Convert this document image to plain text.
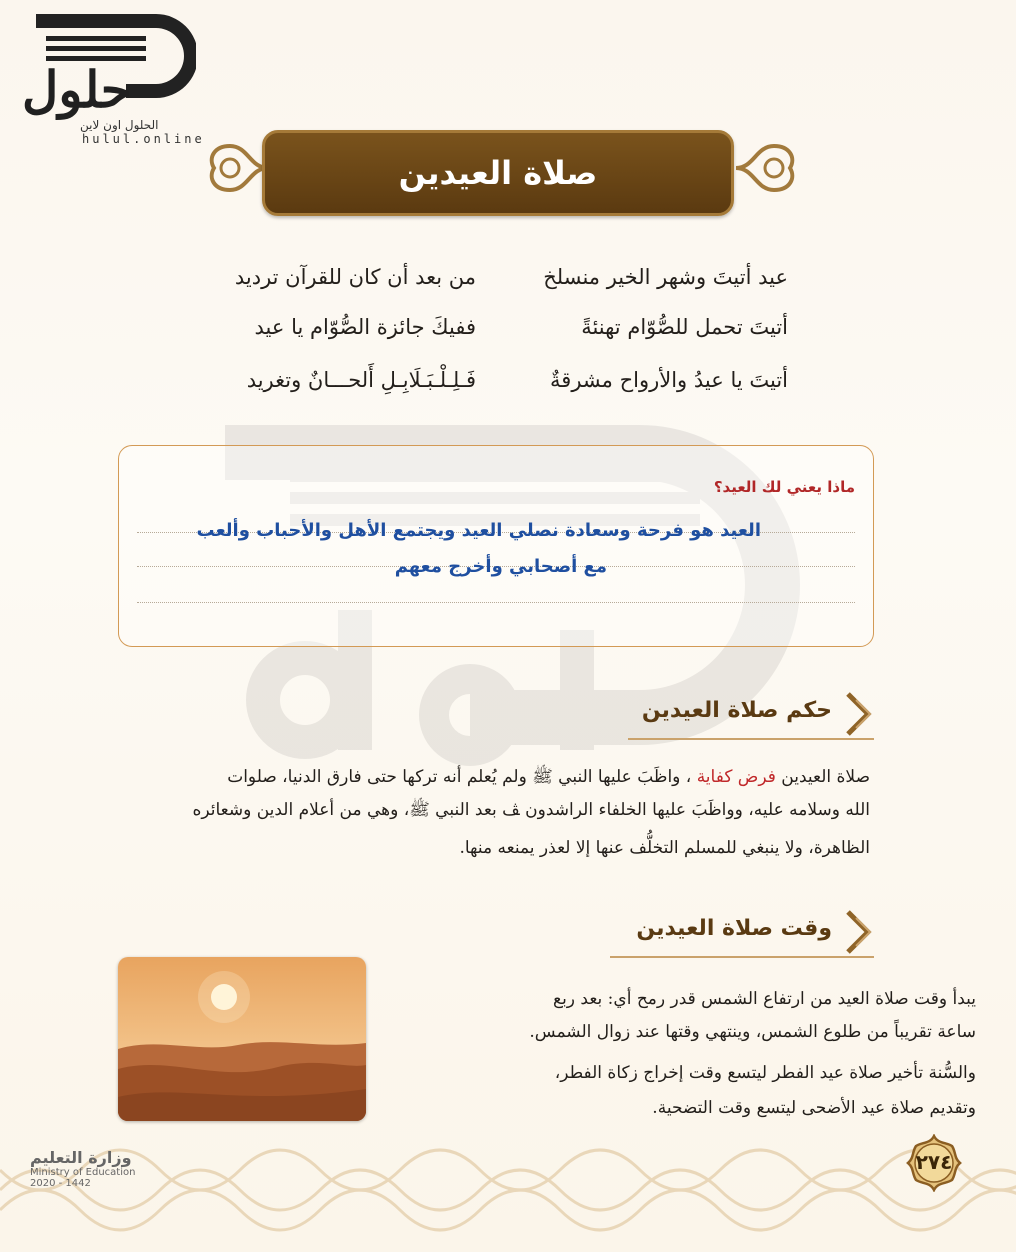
حلول
الحلول اون لاين
hulul.online
صلاة العيدين
عيد أتيتَ وشهر الخير منسلخ
من بعد أن كان للقرآن ترديد
أتيتَ تحمل للصُّوّام تهنئةً
ففيكَ جائزة الصُّوّام يا عيد
أتيتَ يا عيدُ والأرواح مشرقةٌ
فَـلِـلْـبَـلَابِـلِ أَلحـــانٌ وتغريد
ماذا يعني لك العيد؟
العيد هو فرحة وسعادة نصلي العيد ويجتمع الأهل والأحباب وألعب
مع أصحابي وأخرج معهم
حكم صلاة العيدين
صلاة العيدين فرض كفاية ، واظَبَ عليها النبي ﷺ ولم يُعلم أنه تركها حتى فارق الدنيا، صلوات
الله وسلامه عليه، وواظَبَ عليها الخلفاء الراشدون ﭫ بعد النبي ﷺ، وهي من أعلام الدين وشعائره
الظاهرة، ولا ينبغي للمسلم التخلُّف عنها إلا لعذر يمنعه منها.
وقت صلاة العيدين
يبدأ وقت صلاة العيد من ارتفاع الشمس قدر رمح أي: بعد ربع
ساعة تقريباً من طلوع الشمس، وينتهي وقتها عند زوال الشمس.
والسُّنة تأخير صلاة عيد الفطر ليتسع وقت إخراج زكاة الفطر،
وتقديم صلاة عيد الأضحى ليتسع وقت التضحية.
وزارة التعليم
Ministry of Education
2020 - 1442
٢٧٤
